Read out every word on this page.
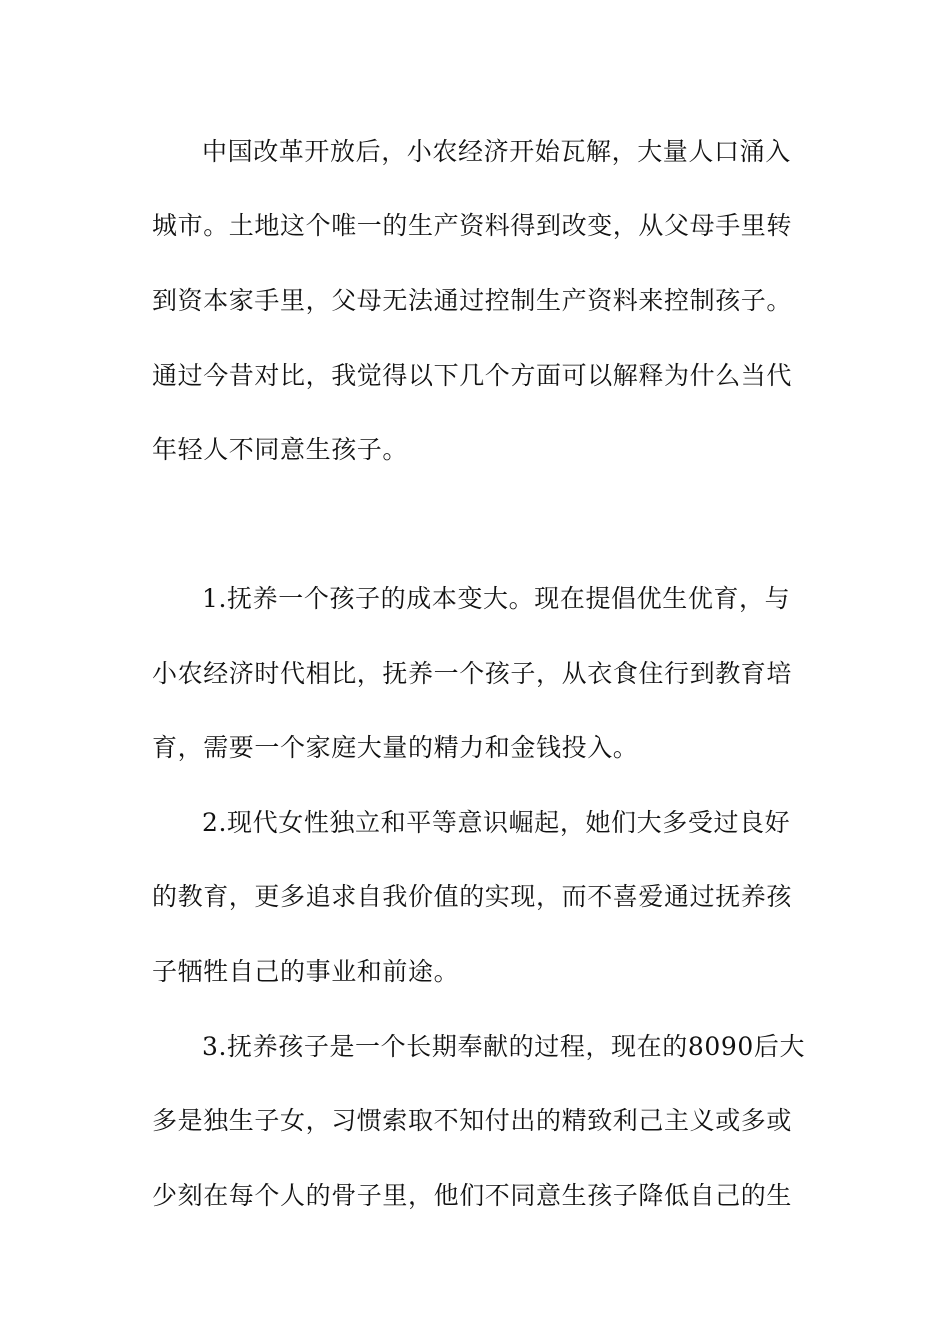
中国改革开放后，小农经济开始瓦解，大量人口涌入
城市。土地这个唯一的生产资料得到改变，从父母手里转
到资本家手里，父母无法通过控制生产资料来控制孩子。
通过今昔对比，我觉得以下几个方面可以解释为什么当代
年轻人不同意生孩子。
1.抚养一个孩子的成本变大。现在提倡优生优育，与
小农经济时代相比，抚养一个孩子，从衣食住行到教育培
育，需要一个家庭大量的精力和金钱投入。
2.现代女性独立和平等意识崛起，她们大多受过良好
的教育，更多追求自我价值的实现，而不喜爱通过抚养孩
子牺牲自己的事业和前途。
3.抚养孩子是一个长期奉献的过程，现在的8090后大
多是独生子女，习惯索取不知付出的精致利己主义或多或
少刻在每个人的骨子里，他们不同意生孩子降低自己的生
